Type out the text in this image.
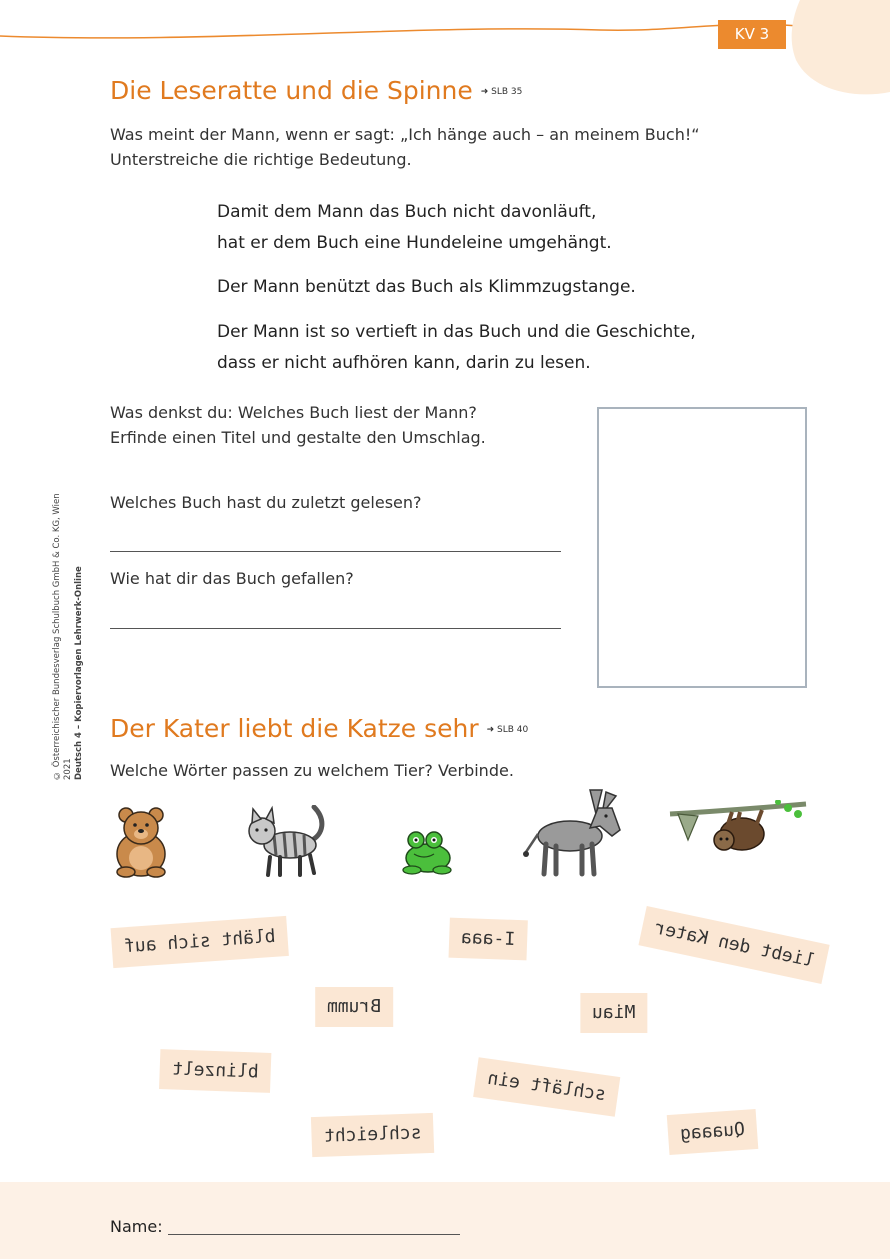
KV 3
© Österreichischer Bundesverlag Schulbuch GmbH & Co. KG, Wien 2021 Deutsch 4 – Kopiervorlagen Lehrwerk-Online
Die Leseratte und die Spinne ➜ SLB 35
Was meint der Mann, wenn er sagt: „Ich hänge auch – an meinem Buch!“
Unterstreiche die richtige Bedeutung.
Damit dem Mann das Buch nicht davonläuft,
hat er dem Buch eine Hundeleine umgehängt.
Der Mann benützt das Buch als Klimmzugstange.
Der Mann ist so vertieft in das Buch und die Geschichte,
dass er nicht aufhören kann, darin zu lesen.
Was denkst du: Welches Buch liest der Mann?
Erfinde einen Titel und gestalte den Umschlag.
Welches Buch hast du zuletzt gelesen?
Wie hat dir das Buch gefallen?
Der Kater liebt die Katze sehr ➜ SLB 40
Welche Wörter passen zu welchem Tier? Verbinde.
bläht sich auf	I-aaa	liebt den Kater
Brumm	Miau
blinzelt	schläft ein
schleicht	Quaaag
Name:
